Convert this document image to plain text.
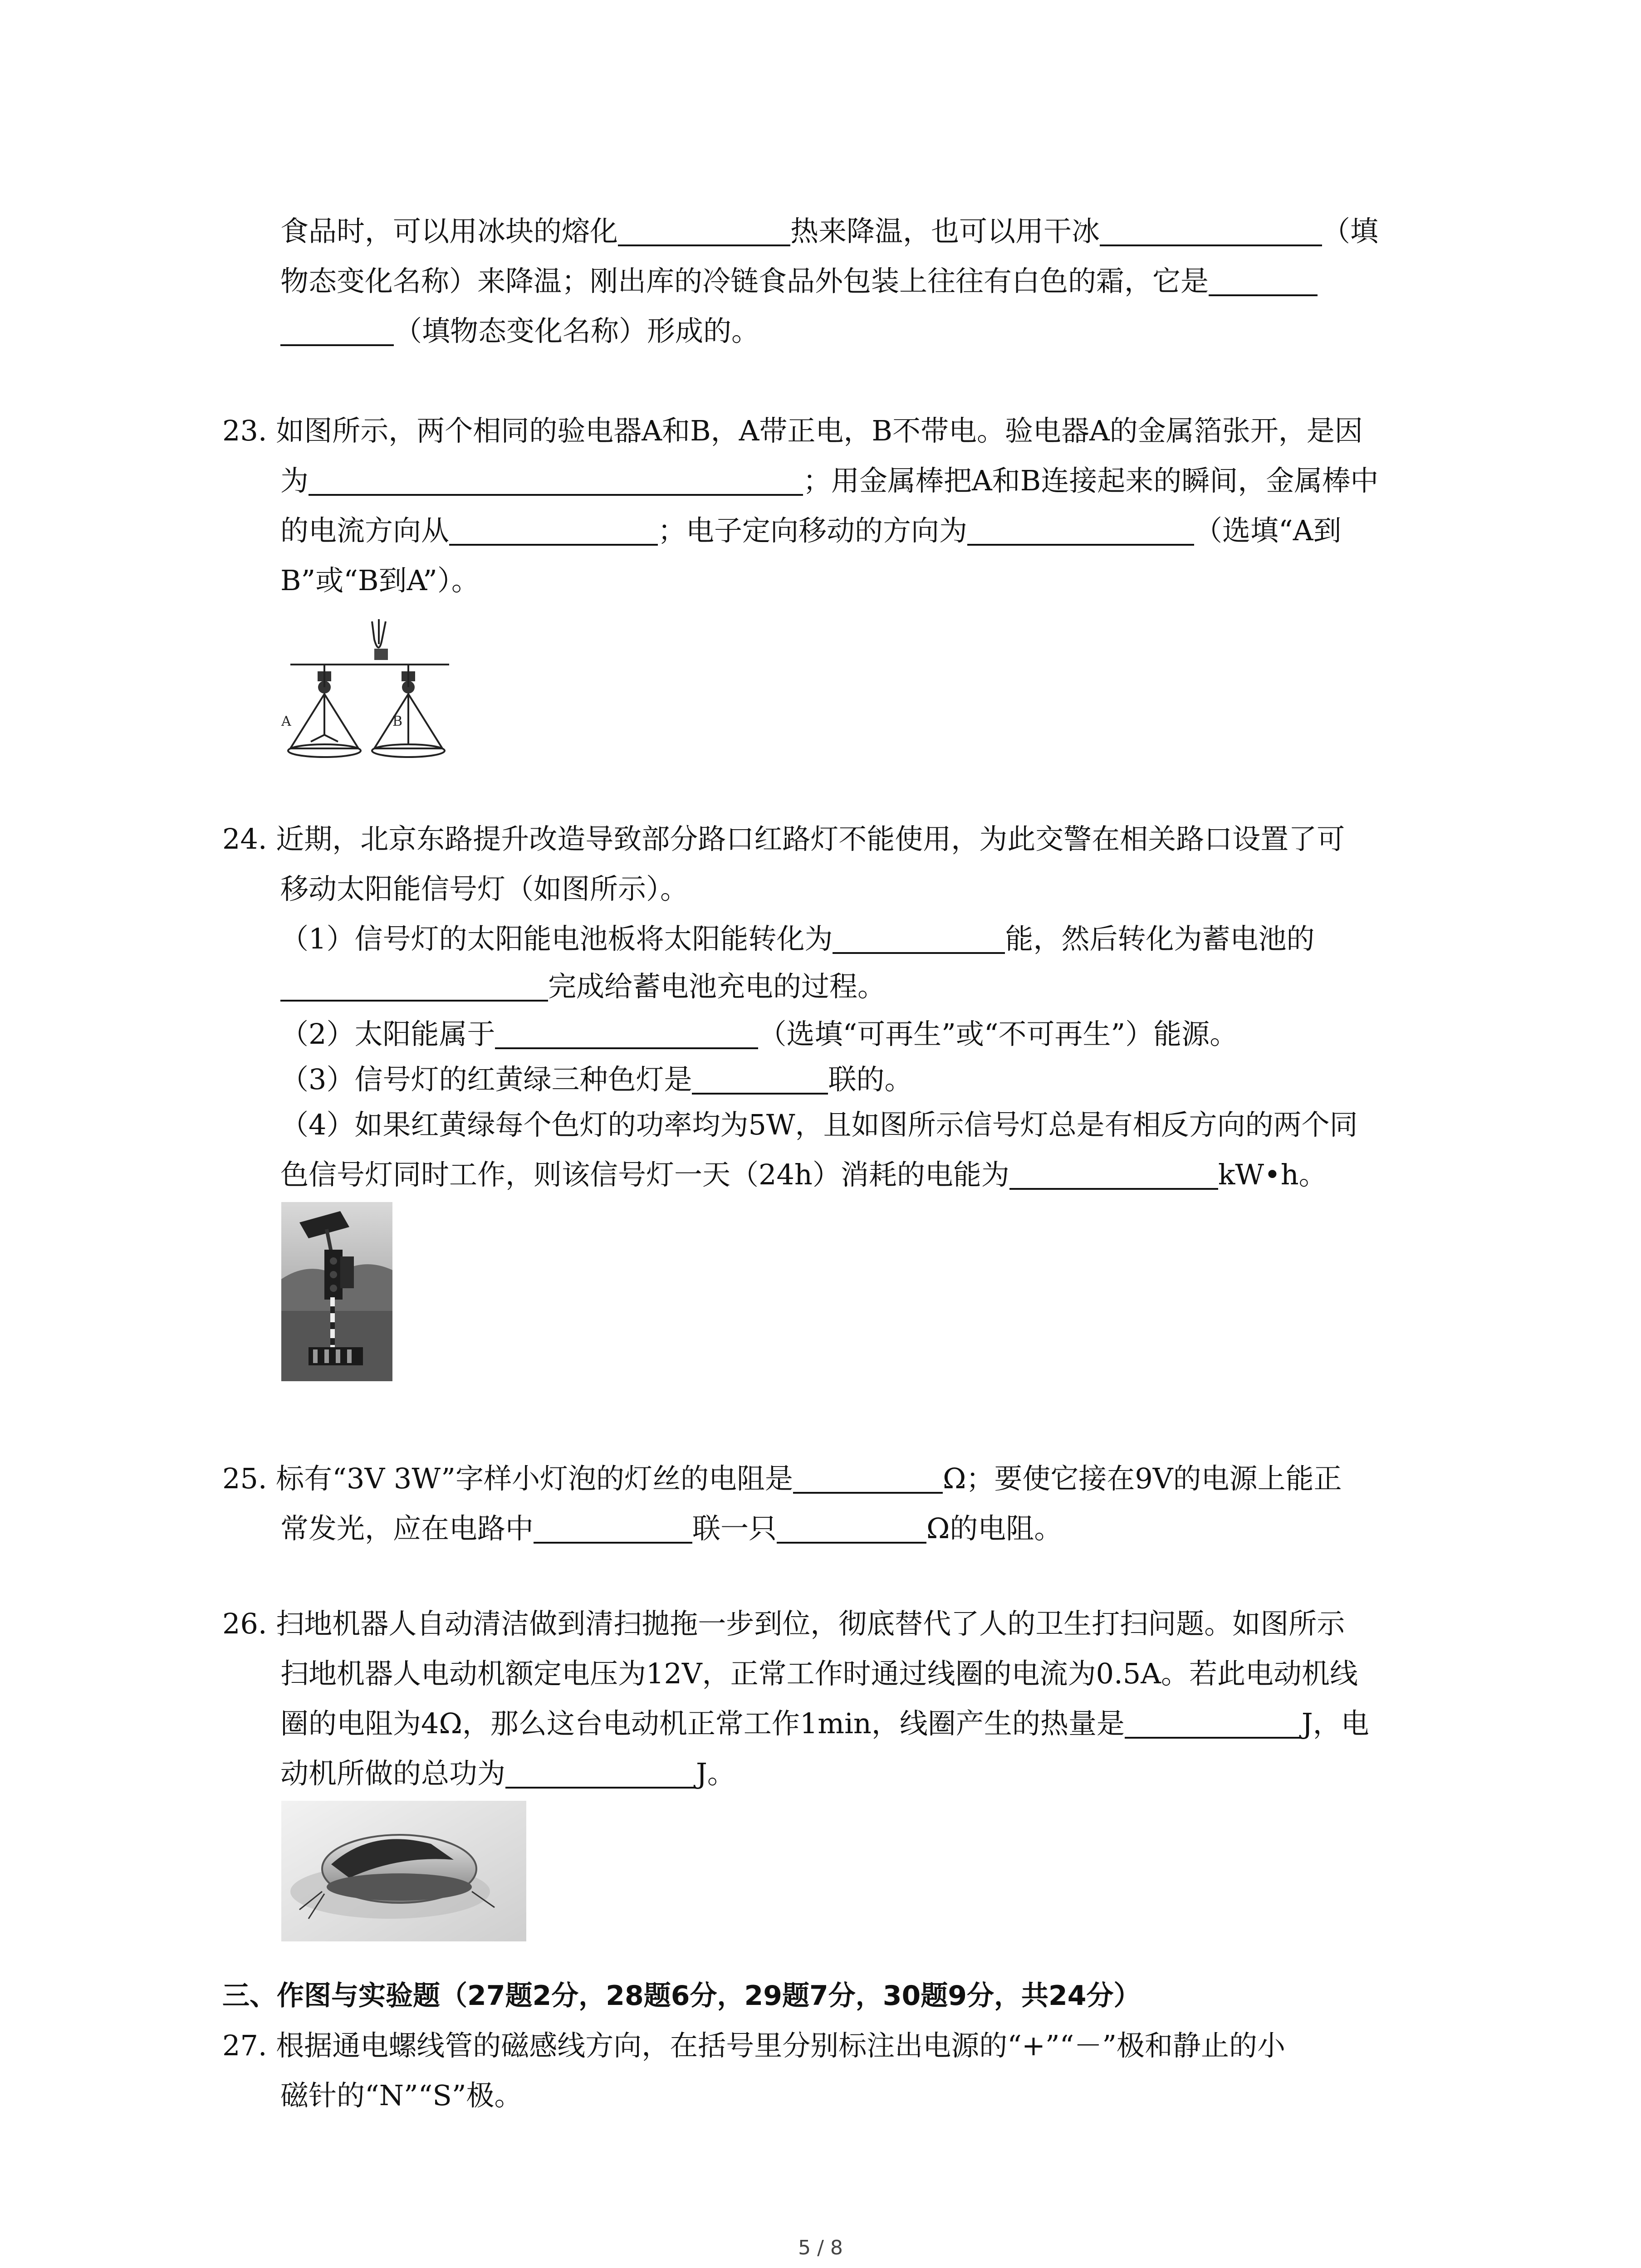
食品时，可以用冰块的熔化	热来降温，也可以用干冰	（填
物态变化名称）来降温；刚出库的冷链食品外包装上往往有白色的霜，它是
（填物态变化名称）形成的。
23. 如图所示，两个相同的验电器A和B，A带正电，B不带电。验电器A的金属箔张开，是因
为	；用金属棒把A和B连接起来的瞬间，金属棒中
的电流方向从	；电子定向移动的方向为	（选填“A到
B”或“B到A”）。
A	B
24. 近期，北京东路提升改造导致部分路口红路灯不能使用，为此交警在相关路口设置了可
移动太阳能信号灯（如图所示）。
（1）信号灯的太阳能电池板将太阳能转化为	能，然后转化为蓄电池的
完成给蓄电池充电的过程。
（2）太阳能属于	（选填“可再生”或“不可再生”）能源。
（3）信号灯的红黄绿三种色灯是	联的。
（4）如果红黄绿每个色灯的功率均为5W，且如图所示信号灯总是有相反方向的两个同
色信号灯同时工作，则该信号灯一天（24h）消耗的电能为	kW•h。
25. 标有“3V 3W”字样小灯泡的灯丝的电阻是	Ω；要使它接在9V的电源上能正
常发光，应在电路中	联一只	Ω的电阻。
26. 扫地机器人自动清洁做到清扫拋拖一步到位，彻底替代了人的卫生打扫问题。如图所示
扫地机器人电动机额定电压为12V，正常工作时通过线圈的电流为0.5A。若此电动机线
圈的电阻为4Ω，那么这台电动机正常工作1min，线圈产生的热量是	J，电
动机所做的总功为	J。
三、作图与实验题（27题2分，28题6分，29题7分，30题9分，共24分）
27. 根据通电螺线管的磁感线方向，在括号里分别标注出电源的“+”“－”极和静止的小
磁针的“N”“S”极。
5 / 8
